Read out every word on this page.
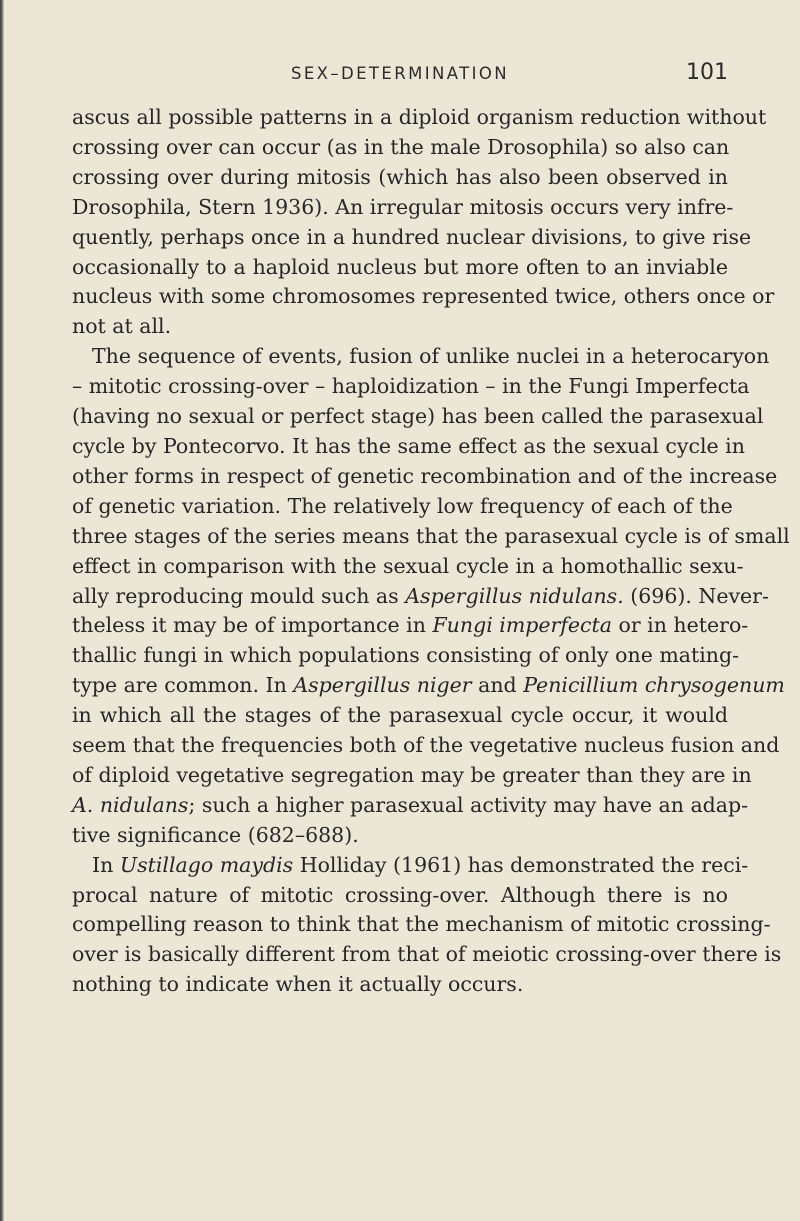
SEX–DETERMINATION	101
ascus all possible patterns in a diploid organism reduction without
crossing over can occur (as in the male Drosophila) so also can
crossing over during mitosis (which has also been observed in
Drosophila, Stern 1936). An irregular mitosis occurs very infre-
quently, perhaps once in a hundred nuclear divisions, to give rise
occasionally to a haploid nucleus but more often to an inviable
nucleus with some chromosomes represented twice, others once or
not at all.
The sequence of events, fusion of unlike nuclei in a heterocaryon
– mitotic crossing-over – haploidization – in the Fungi Imperfecta
(having no sexual or perfect stage) has been called the parasexual
cycle by Pontecorvo. It has the same effect as the sexual cycle in
other forms in respect of genetic recombination and of the increase
of genetic variation. The relatively low frequency of each of the
three stages of the series means that the parasexual cycle is of small
effect in comparison with the sexual cycle in a homothallic sexu-
ally reproducing mould such as Aspergillus nidulans. (696). Never-
theless it may be of importance in Fungi imperfecta or in hetero-
thallic fungi in which populations consisting of only one mating-
type are common. In Aspergillus niger and Penicillium chrysogenum
in which all the stages of the parasexual cycle occur, it would
seem that the frequencies both of the vegetative nucleus fusion and
of diploid vegetative segregation may be greater than they are in
A. nidulans; such a higher parasexual activity may have an adap-
tive significance (682–688).
In Ustillago maydis Holliday (1961) has demonstrated the reci-
procal nature of mitotic crossing-over. Although there is no
compelling reason to think that the mechanism of mitotic crossing-
over is basically different from that of meiotic crossing-over there is
nothing to indicate when it actually occurs.
